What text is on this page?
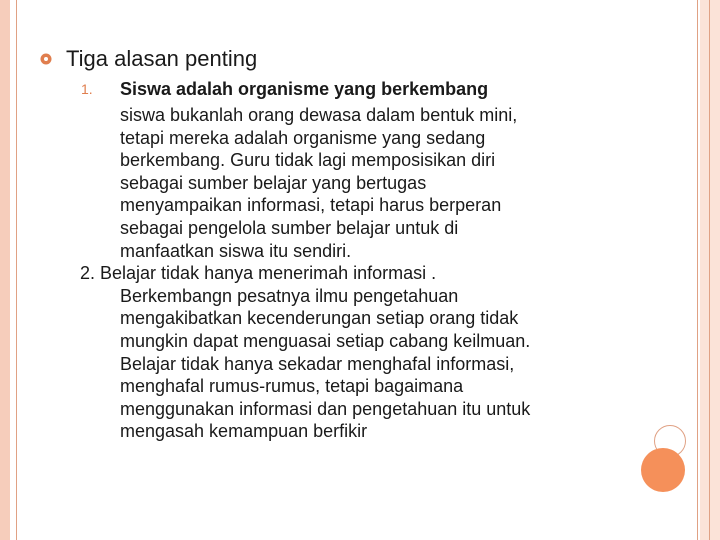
Tiga alasan penting
1. Siswa adalah organisme yang berkembang
siswa bukanlah orang dewasa dalam bentuk mini,
tetapi mereka adalah organisme yang sedang
berkembang. Guru tidak lagi memposisikan diri
sebagai sumber belajar yang bertugas
menyampaikan informasi, tetapi harus berperan
sebagai pengelola sumber belajar untuk di
manfaatkan siswa itu sendiri.
2. Belajar tidak hanya menerimah informasi .
Berkembangn pesatnya ilmu pengetahuan
mengakibatkan kecenderungan setiap orang tidak
mungkin dapat menguasai setiap cabang keilmuan.
Belajar tidak hanya sekadar menghafal informasi,
menghafal rumus-rumus, tetapi bagaimana
menggunakan informasi dan pengetahuan itu untuk
mengasah kemampuan berfikir
